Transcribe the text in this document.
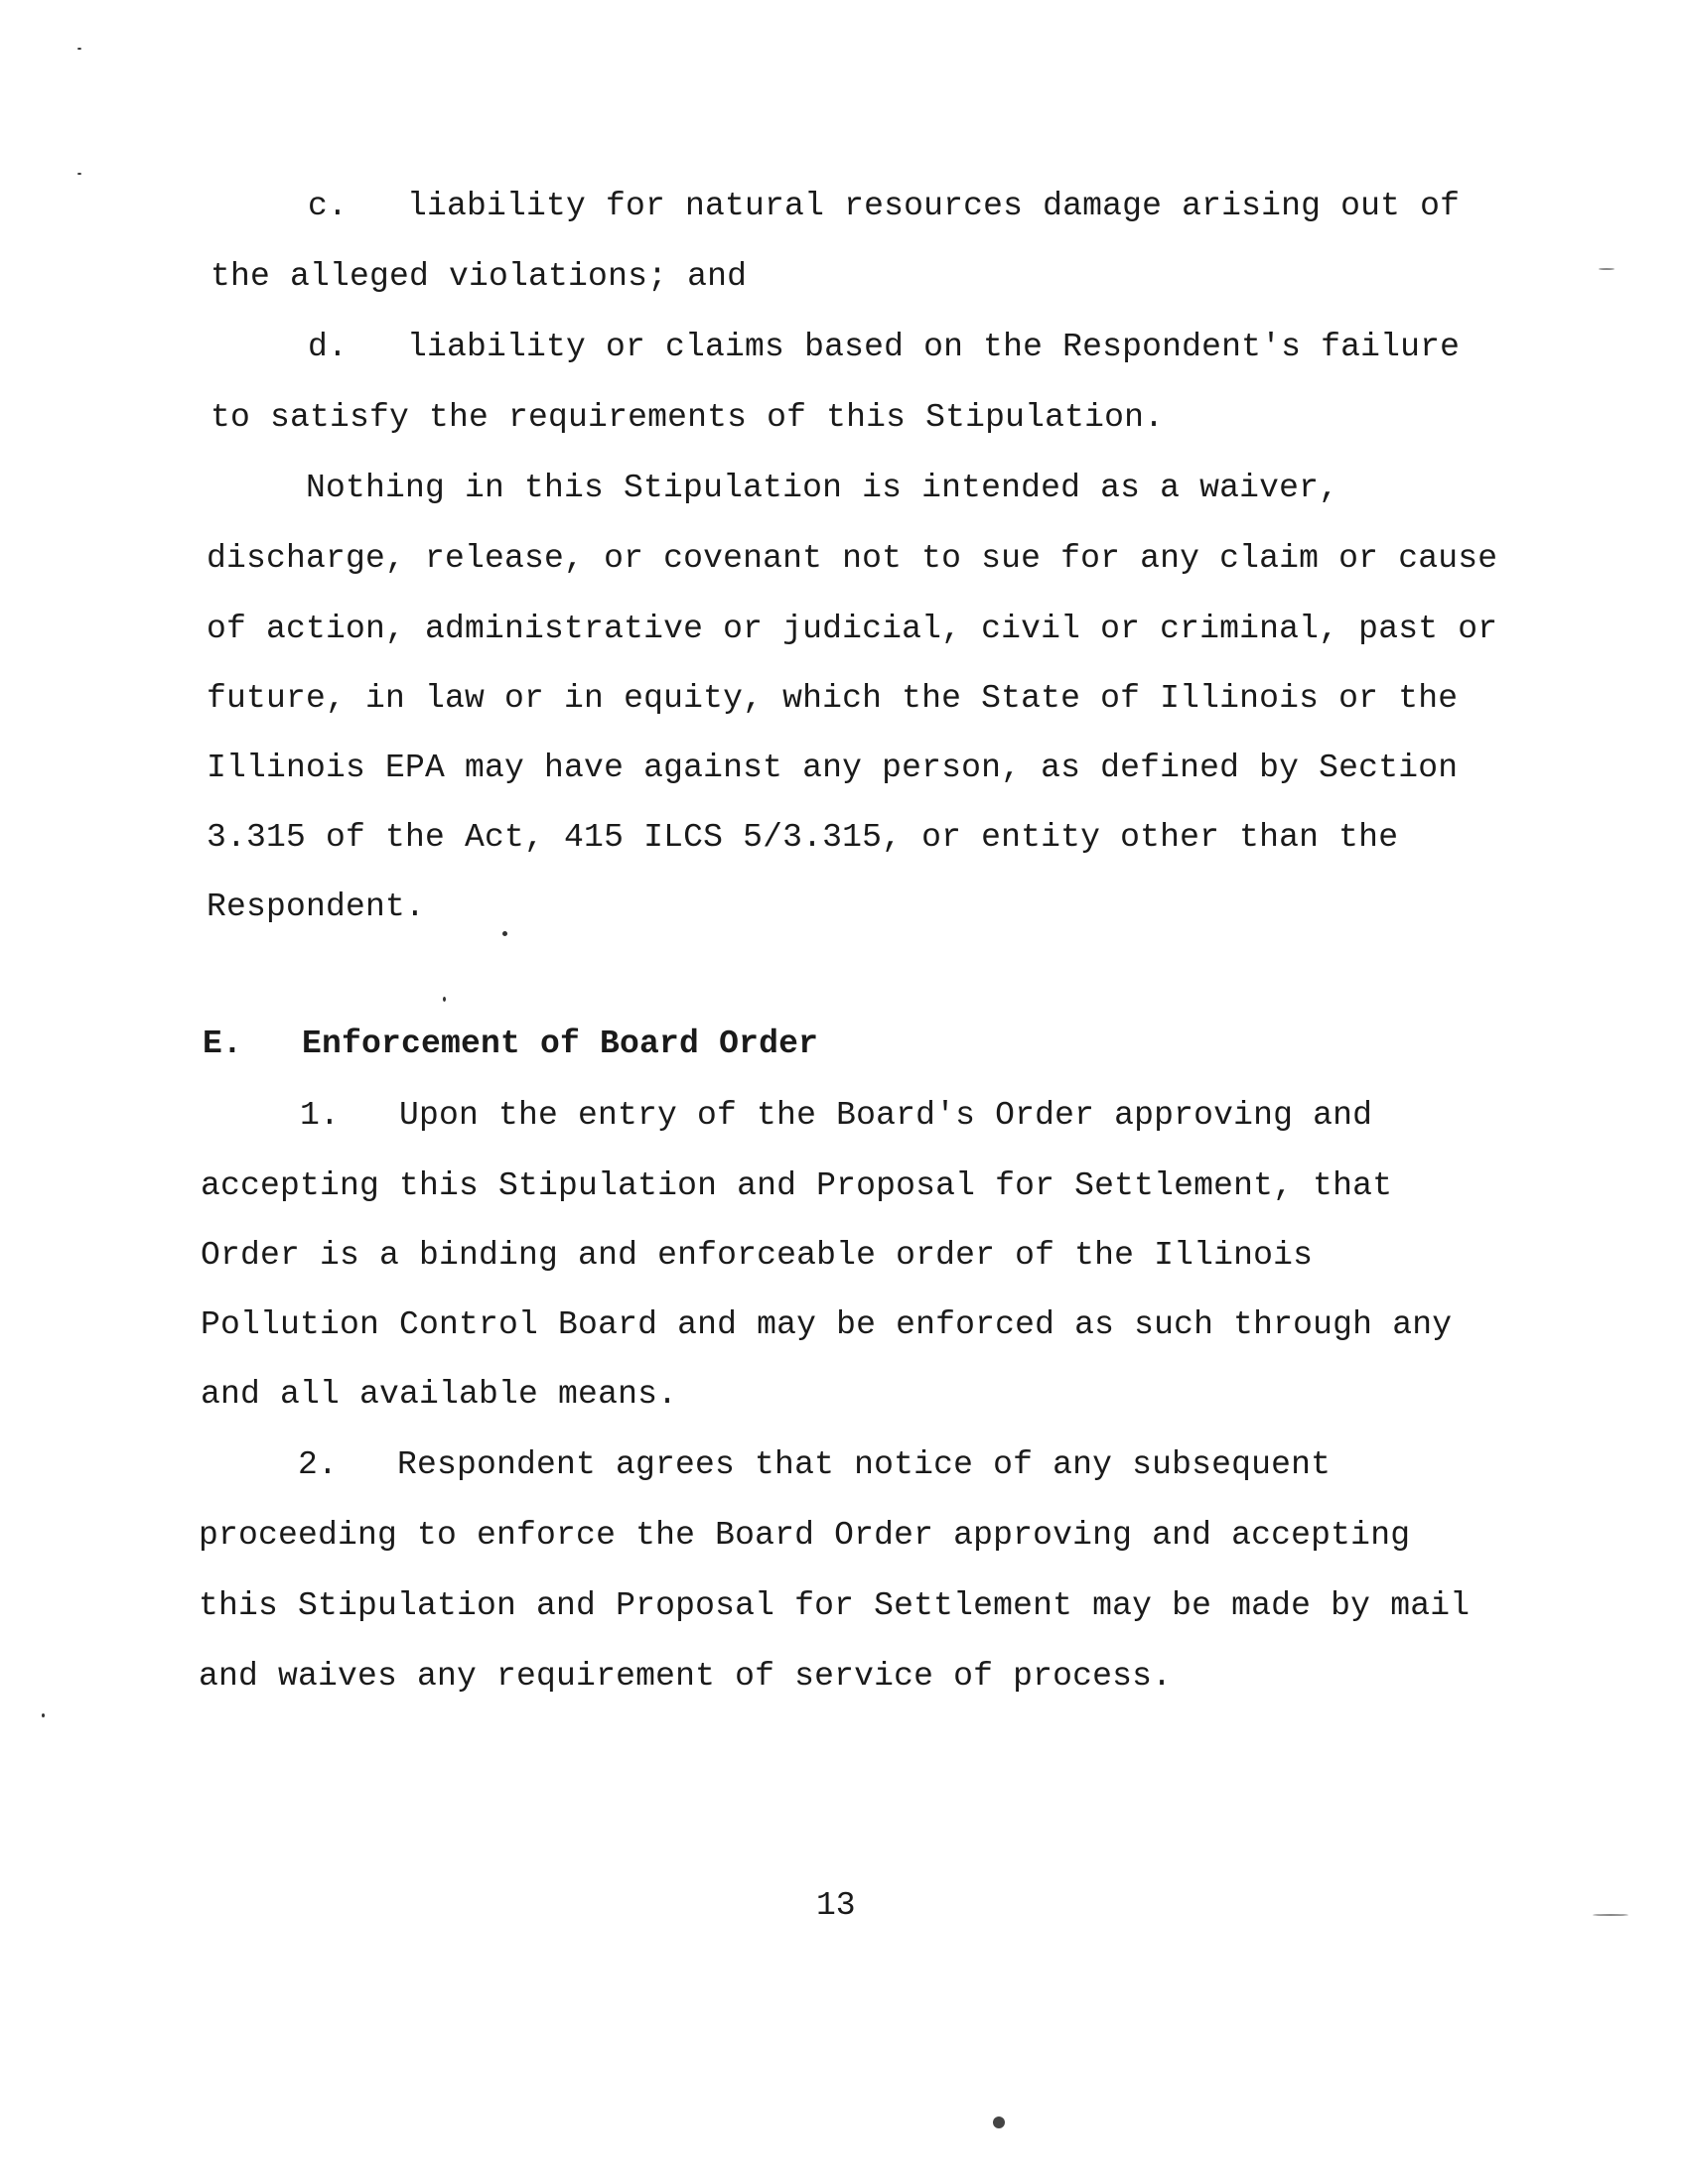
c. liability for natural resources damage arising out of
the alleged violations; and
d. liability or claims based on the Respondent's failure
to satisfy the requirements of this Stipulation.
Nothing in this Stipulation is intended as a waiver,
discharge, release, or covenant not to sue for any claim or cause
of action, administrative or judicial, civil or criminal, past or
future, in law or in equity, which the State of Illinois or the
Illinois EPA may have against any person, as defined by Section
3.315 of the Act, 415 ILCS 5/3.315, or entity other than the
Respondent.
E. Enforcement of Board Order
1. Upon the entry of the Board's Order approving and
accepting this Stipulation and Proposal for Settlement, that
Order is a binding and enforceable order of the Illinois
Pollution Control Board and may be enforced as such through any
and all available means.
2. Respondent agrees that notice of any subsequent
proceeding to enforce the Board Order approving and accepting
this Stipulation and Proposal for Settlement may be made by mail
and waives any requirement of service of process.
13
